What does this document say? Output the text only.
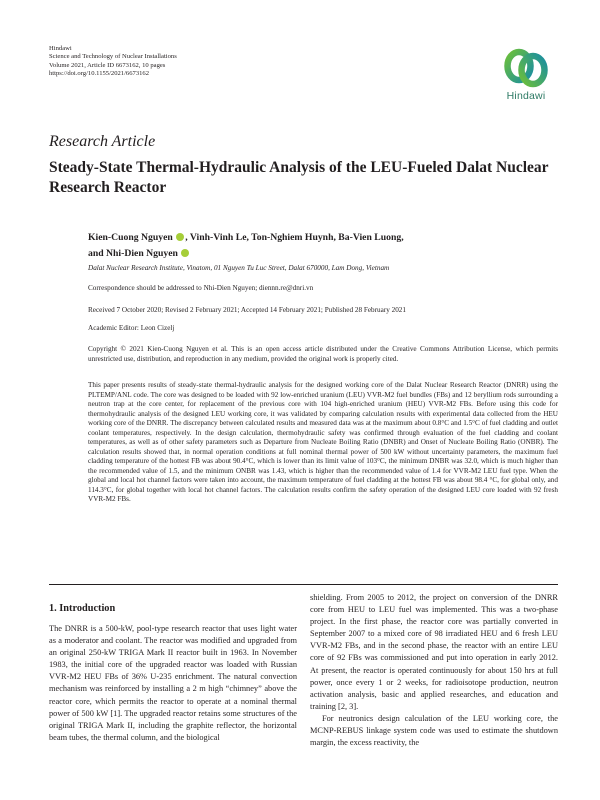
Hindawi
Science and Technology of Nuclear Installations
Volume 2021, Article ID 6673162, 10 pages
https://doi.org/10.1155/2021/6673162
Hindawi
Research Article
Steady-State Thermal-Hydraulic Analysis of the LEU-Fueled Dalat Nuclear Research Reactor
Kien-Cuong Nguyen , Vinh-Vinh Le, Ton-Nghiem Huynh, Ba-Vien Luong,
and Nhi-Dien Nguyen
Dalat Nuclear Research Institute, Vinatom, 01 Nguyen Tu Luc Street, Dalat 670000, Lam Dong, Vietnam
Correspondence should be addressed to Nhi-Dien Nguyen; diennn.re@dnri.vn
Received 7 October 2020; Revised 2 February 2021; Accepted 14 February 2021; Published 28 February 2021
Academic Editor: Leon Cizelj
Copyright © 2021 Kien-Cuong Nguyen et al. This is an open access article distributed under the Creative Commons Attribution License, which permits unrestricted use, distribution, and reproduction in any medium, provided the original work is properly cited.
This paper presents results of steady-state thermal-hydraulic analysis for the designed working core of the Dalat Nuclear Research Reactor (DNRR) using the PLTEMP/ANL code. The core was designed to be loaded with 92 low-enriched uranium (LEU) VVR-M2 fuel bundles (FBs) and 12 beryllium rods surrounding a neutron trap at the core center, for replacement of the previous core with 104 high-enriched uranium (HEU) VVR-M2 FBs. Before using this code for thermohydraulic analysis of the designed LEU working core, it was validated by comparing calculation results with experimental data collected from the HEU working core of the DNRR. The discrepancy between calculated results and measured data was at the maximum about 0.8°C and 1.5°C of fuel cladding and outlet coolant temperatures, respectively. In the design calculation, thermohydraulic safety was confirmed through evaluation of the fuel cladding and coolant temperatures, as well as of other safety parameters such as Departure from Nucleate Boiling Ratio (DNBR) and Onset of Nucleate Boiling Ratio (ONBR). The calculation results showed that, in normal operation conditions at full nominal thermal power of 500 kW without uncertainty parameters, the maximum fuel cladding temperature of the hottest FB was about 90.4°C, which is lower than its limit value of 103°C, the minimum DNBR was 32.0, which is much higher than the recommended value of 1.5, and the minimum ONBR was 1.43, which is higher than the recommended value of 1.4 for VVR-M2 LEU fuel type. When the global and local hot channel factors were taken into account, the maximum temperature of fuel cladding at the hottest FB was about 98.4 °C, for global only, and 114.3°C, for global together with local hot channel factors. The calculation results confirm the safety operation of the designed LEU core loaded with 92 fresh VVR-M2 FBs.
1. Introduction

The DNRR is a 500-kW, pool-type research reactor that uses light water as a moderator and coolant. The reactor was modified and upgraded from an original 250-kW TRIGA Mark II reactor built in 1963. In November 1983, the initial core of the upgraded reactor was loaded with Russian VVR-M2 HEU FBs of 36% U-235 enrichment. The natural convection mechanism was reinforced by installing a 2 m high “chimney” above the reactor core, which permits the reactor to operate at a nominal thermal power of 500 kW [1]. The upgraded reactor retains some structures of the original TRIGA Mark II, including the graphite reflector, the horizontal beam tubes, the thermal column, and the biological

shielding. From 2005 to 2012, the project on conversion of the DNRR core from HEU to LEU fuel was implemented. This was a two-phase project. In the first phase, the reactor core was partially converted in September 2007 to a mixed core of 98 irradiated HEU and 6 fresh LEU VVR-M2 FBs, and in the second phase, the reactor with an entire LEU core of 92 FBs was commissioned and put into operation in early 2012. At present, the reactor is operated continuously for about 150 hrs at full power, once every 1 or 2 weeks, for radioisotope production, neutron activation analysis, basic and applied researches, and education and training [2, 3].

For neutronics design calculation of the LEU working core, the MCNP-REBUS linkage system code was used to estimate the shutdown margin, the excess reactivity, the
